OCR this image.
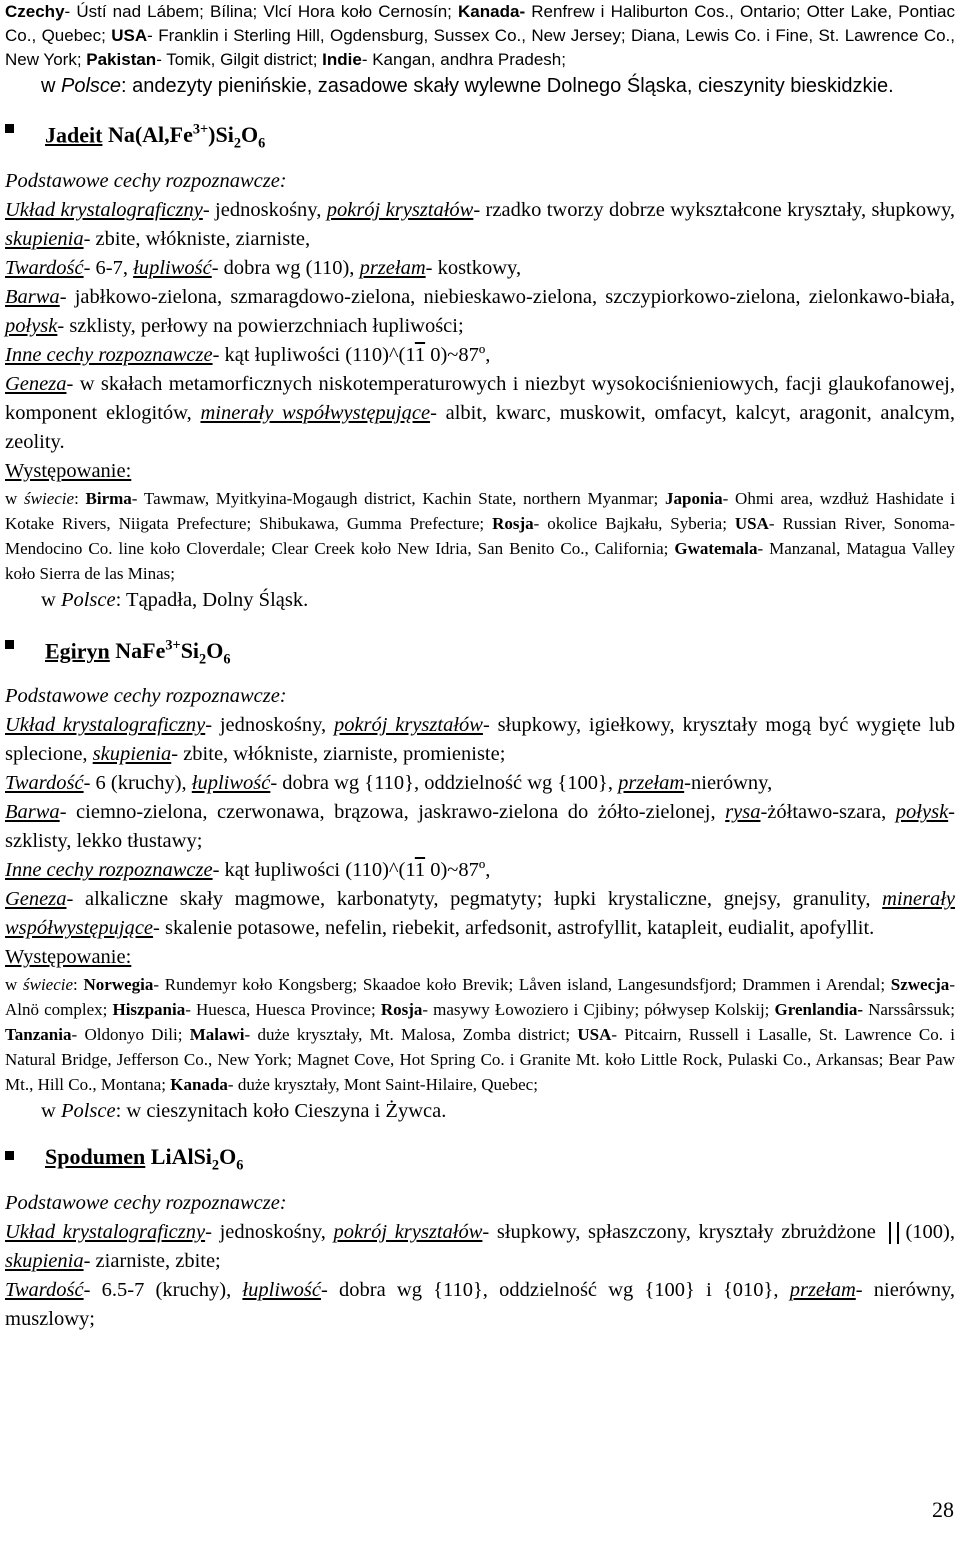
Czechy- Ústí nad Lábem; Bílina; Vlcí Hora koło Cernosín; Kanada- Renfrew i Haliburton Cos., Ontario; Otter Lake, Pontiac Co., Quebec; USA- Franklin i Sterling Hill, Ogdensburg, Sussex Co., New Jersey; Diana, Lewis Co. i Fine, St. Lawrence Co., New York; Pakistan- Tomik, Gilgit district; Indie- Kangan, andhra Pradesh;

w Polsce: andezyty pienińskie, zasadowe skały wylewne Dolnego Śląska, cieszynity bieskidzkie.

Jadeit $Na(Al,Fe^{3+})Si_2O_6$

Podstawowe cechy rozpoznawcze:

Układ krystalograficzny- jednoskośny, pokrój kryształów- rzadko tworzy dobrze wykształcone kryształy, słupkowy, skupienia- zbite, włókniste, ziarniste,

Twardość- 6-7, łupliwość- dobra wg (110), przełam- kostkowy,

Barwa- jabłkowo-zielona, szmaragdowo-zielona, niebieskawo-zielona, szczypiorkowo-zielona, zielonkawo-biała, połysk- szklisty, perłowy na powierzchniach łupliwości;

Inne cechy rozpoznawcze- kąt łupliwości (110)^(11 0)~87º,

Geneza- w skałach metamorficznych niskotemperaturowych i niezbyt wysokociśnieniowych, facji glaukofanowej, komponent eklogitów, minerały współwystępujące- albit, kwarc, muskowit, omfacyt, kalcyt, aragonit, analcym, zeolity.

Występowanie:

w świecie: Birma- Tawmaw, Myitkyina-Mogaugh district, Kachin State, northern Myanmar; Japonia- Ohmi area, wzdłuż Hashidate i Kotake Rivers, Niigata Prefecture; Shibukawa, Gumma Prefecture; Rosja- okolice Bajkału, Syberia; USA- Russian River, Sonoma-Mendocino Co. line koło Cloverdale; Clear Creek koło New Idria, San Benito Co., California; Gwatemala- Manzanal, Matagua Valley koło Sierra de las Minas;

w Polsce: Tąpadła, Dolny Śląsk.

Egiryn $NaFe^{3+}Si_2O_6$

Podstawowe cechy rozpoznawcze:

Układ krystalograficzny- jednoskośny, pokrój kryształów- słupkowy, igiełkowy, kryształy mogą być wygięte lub splecione, skupienia- zbite, włókniste, ziarniste, promieniste;

Twardość- 6 (kruchy), łupliwość- dobra wg {110}, oddzielność wg {100}, przełam-nierówny,

Barwa- ciemno-zielona, czerwonawa, brązowa, jaskrawo-zielona do żółto-zielonej, rysa-żółtawo-szara, połysk- szklisty, lekko tłustawy;

Inne cechy rozpoznawcze- kąt łupliwości (110)^(11 0)~87º,

Geneza- alkaliczne skały magmowe, karbonatyty, pegmatyty; łupki krystaliczne, gnejsy, granulity, minerały współwystępujące- skalenie potasowe, nefelin, riebekit, arfedsonit, astrofyllit, katapleit, eudialit, apofyllit.

Występowanie:

w świecie: Norwegia- Rundemyr koło Kongsberg; Skaadoe koło Brevik; Låven island, Langesundsfjord; Drammen i Arendal; Szwecja- Alnö complex; Hiszpania- Huesca, Huesca Province; Rosja- masywy Łowoziero i Cjibiny; półwysep Kolskij; Grenlandia- Narssârssuk; Tanzania- Oldonyo Dili; Malawi- duże kryształy, Mt. Malosa, Zomba district; USA- Pitcairn, Russell i Lasalle, St. Lawrence Co. i Natural Bridge, Jefferson Co., New York; Magnet Cove, Hot Spring Co. i Granite Mt. koło Little Rock, Pulaski Co., Arkansas; Bear Paw Mt., Hill Co., Montana; Kanada- duże kryształy, Mont Saint-Hilaire, Quebec;

w Polsce: w cieszynitach koło Cieszyna i Żywca.

Spodumen $LiAlSi_2O_6$

Podstawowe cechy rozpoznawcze:

Układ krystalograficzny- jednoskośny, pokrój kryształów- słupkowy, spłaszczony, kryształy zbrużdżone (100), skupienia- ziarniste, zbite;

Twardość- 6.5-7 (kruchy), łupliwość- dobra wg {110}, oddzielność wg {100} i {010}, przełam- nierówny, muszlowy;

28
